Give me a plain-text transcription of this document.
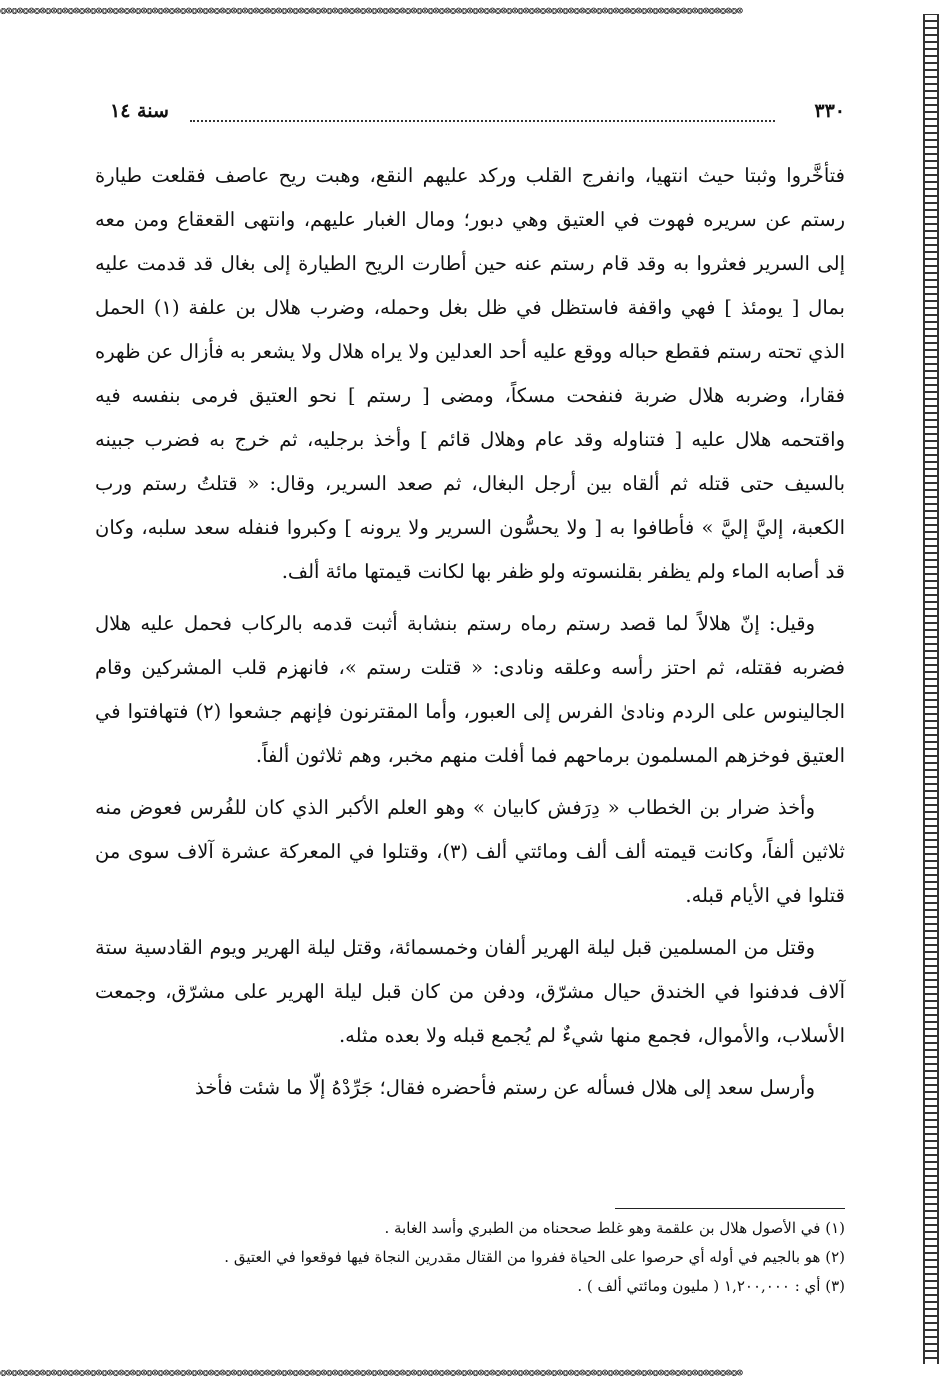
❂⊗❂⊗❂⊗❂⊗❂⊗❂⊗❂⊗❂⊗❂⊗❂⊗❂⊗❂⊗❂⊗❂⊗❂⊗❂⊗❂⊗❂⊗❂⊗❂⊗❂⊗❂⊗❂⊗❂⊗❂⊗❂⊗❂⊗❂⊗❂⊗❂⊗❂⊗❂⊗❂⊗❂⊗❂⊗❂⊗❂⊗❂⊗❂⊗❂⊗❂⊗❂⊗❂⊗❂⊗❂⊗❂⊗❂⊗❂⊗❂⊗❂⊗❂⊗❂⊗❂⊗❂⊗❂⊗❂⊗❂⊗❂⊗❂⊗❂⊗❂⊗❂⊗❂⊗❂⊗❂⊗❂⊗
❂⊗❂⊗❂⊗❂⊗❂⊗❂⊗❂⊗❂⊗❂⊗❂⊗❂⊗❂⊗❂⊗❂⊗❂⊗❂⊗❂⊗❂⊗❂⊗❂⊗❂⊗❂⊗❂⊗❂⊗❂⊗❂⊗❂⊗❂⊗❂⊗❂⊗❂⊗❂⊗❂⊗❂⊗❂⊗❂⊗❂⊗❂⊗❂⊗❂⊗❂⊗❂⊗❂⊗❂⊗❂⊗❂⊗❂⊗❂⊗❂⊗❂⊗❂⊗❂⊗❂⊗❂⊗❂⊗❂⊗❂⊗❂⊗❂⊗❂⊗❂⊗❂⊗❂⊗❂⊗❂⊗❂⊗
٣٣٠
سنة ١٤

فتأخَّروا وثبتا حيث انتهيا، وانفرج القلب وركد عليهم النقع، وهبت ريح عاصف فقلعت طيارة رستم عن سريره فهوت في العتيق وهي دبور؛ ومال الغبار عليهم، وانتهى القعقاع ومن معه إلى السرير فعثروا به وقد قام رستم عنه حين أطارت الريح الطيارة إلى بغال قد قدمت عليه بمال [ يومئذ ] فهي واقفة فاستظل في ظل بغل وحمله، وضرب هلال بن علفة (١) الحمل الذي تحته رستم فقطع حباله ووقع عليه أحد العدلين ولا يراه هلال ولا يشعر به فأزال عن ظهره فقارا، وضربه هلال ضربة فنفحت مسكاً، ومضى [ رستم ] نحو العتيق فرمى بنفسه فيه واقتحمه هلال عليه [ فتناوله وقد عام وهلال قائم ] وأخذ برجليه، ثم خرج به فضرب جبينه بالسيف حتى قتله ثم ألقاه بين أرجل البغال، ثم صعد السرير، وقال: « قتلتُ رستم ورب الكعبة، إليَّ إليَّ » فأطافوا به [ ولا يحسُّون السرير ولا يرونه ] وكبروا فنفله سعد سلبه، وكان قد أصابه الماء ولم يظفر بقلنسوته ولو ظفر بها لكانت قيمتها مائة ألف.

وقيل: إنّ هلالاً لما قصد رستم رماه رستم بنشابة أثبت قدمه بالركاب فحمل عليه هلال فضربه فقتله، ثم احتز رأسه وعلقه ونادى: « قتلت رستم »، فانهزم قلب المشركين وقام الجالينوس على الردم ونادىٰ الفرس إلى العبور، وأما المقترنون فإنهم جشعوا (٢) فتهافتوا في العتيق فوخزهم المسلمون برماحهم فما أفلت منهم مخبر، وهم ثلاثون ألفاً.

وأخذ ضرار بن الخطاب « دِرَفش كابيان » وهو العلم الأكبر الذي كان للفُرس فعوض منه ثلاثين ألفاً، وكانت قيمته ألف ألف ومائتي ألف (٣)، وقتلوا في المعركة عشرة آلاف سوى من قتلوا في الأيام قبله.

وقتل من المسلمين قبل ليلة الهرير ألفان وخمسمائة، وقتل ليلة الهرير ويوم القادسية ستة آلاف فدفنوا في الخندق حيال مشرّق، ودفن من كان قبل ليلة الهرير على مشرّق، وجمعت الأسلاب، والأموال، فجمع منها شيءٌ لم يُجمع قبله ولا بعده مثله.

وأرسل سعد إلى هلال فسأله عن رستم فأحضره فقال؛ جَرِّدْهُ إلّا ما شئت فأخذ

(١) في الأصول هلال بن علقمة وهو غلط صححناه من الطبري وأسد الغابة .
(٢) هو بالجيم في أوله أي حرصوا على الحياة ففروا من القتال مقدرين النجاة فيها فوقعوا في العتيق .
(٣) أي : ١,٢٠٠,٠٠٠ ( مليون ومائتي ألف ) .
